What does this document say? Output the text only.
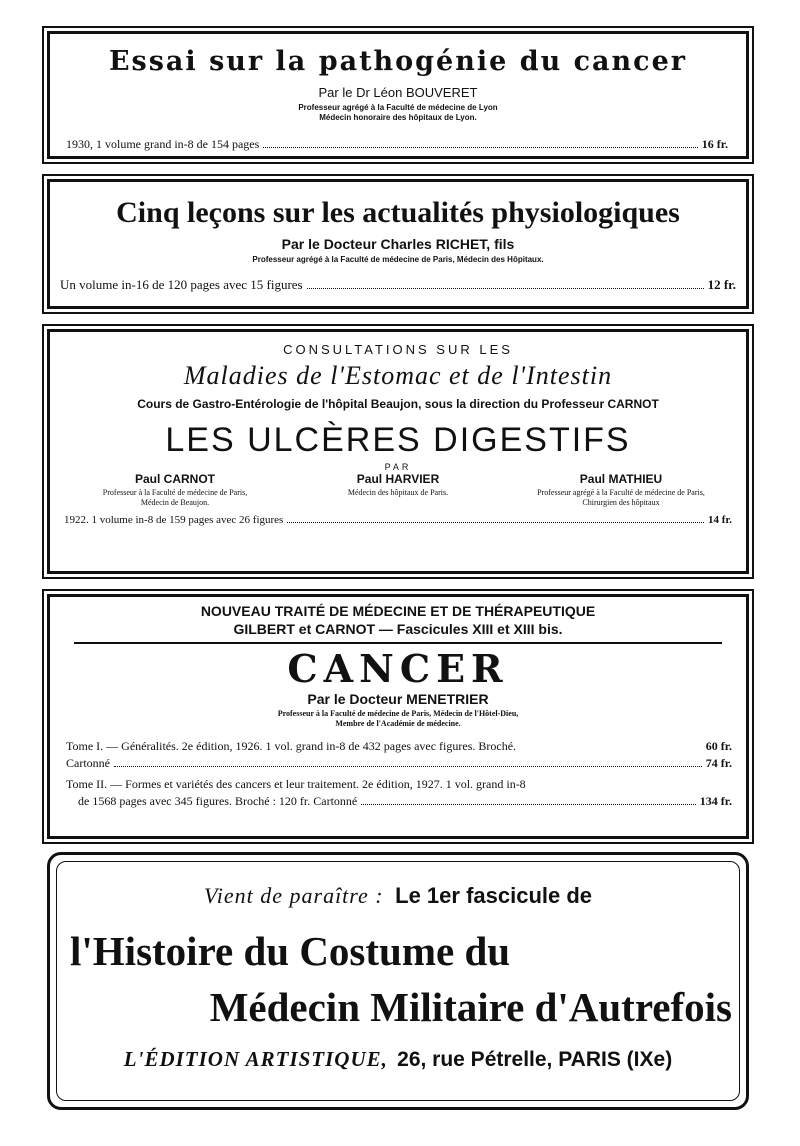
Essai sur la pathogénie du cancer
Par le Dr Léon BOUVERET
Professeur agrégé à la Faculté de médecine de Lyon
Médecin honoraire des hôpitaux de Lyon.
1930, 1 volume grand in-8 de 154 pages	16 fr.
Cinq leçons sur les actualités physiologiques
Par le Docteur Charles RICHET, fils
Professeur agrégé à la Faculté de médecine de Paris, Médecin des Hôpitaux.
Un volume in-16 de 120 pages avec 15 figures	12 fr.
CONSULTATIONS SUR LES
Maladies de l'Estomac et de l'Intestin
Cours de Gastro-Entérologie de l'hôpital Beaujon, sous la direction du Professeur CARNOT
LES ULCÈRES DIGESTIFS
PAR
Paul CARNOT
Professeur à la Faculté de médecine de Paris, Médecin de Beaujon.
Paul HARVIER
Médecin des hôpitaux de Paris.
Paul MATHIEU
Professeur agrégé à la Faculté de médecine de Paris, Chirurgien des hôpitaux
1922. 1 volume in-8 de 159 pages avec 26 figures	14 fr.
NOUVEAU TRAITÉ DE MÉDECINE ET DE THÉRAPEUTIQUE
GILBERT et CARNOT — Fascicules XIII et XIII bis.
CANCER
Par le Docteur MENETRIER
Professeur à la Faculté de médecine de Paris, Médecin de l'Hôtel-Dieu,
Membre de l'Académie de médecine.
Tome I. — Généralités. 2e édition, 1926. 1 vol. grand in-8 de 432 pages avec figures. Broché.	60 fr.
Cartonné	74 fr.
Tome II. — Formes et variétés des cancers et leur traitement. 2e édition, 1927. 1 vol. grand in-8
de 1568 pages avec 345 figures. Broché : 120 fr. Cartonné	134 fr.
Vient de paraître : Le 1er fascicule de
l'Histoire du Costume du
Médecin Militaire d'Autrefois
L'ÉDITION ARTISTIQUE, 26, rue Pétrelle, PARIS (IXe)
